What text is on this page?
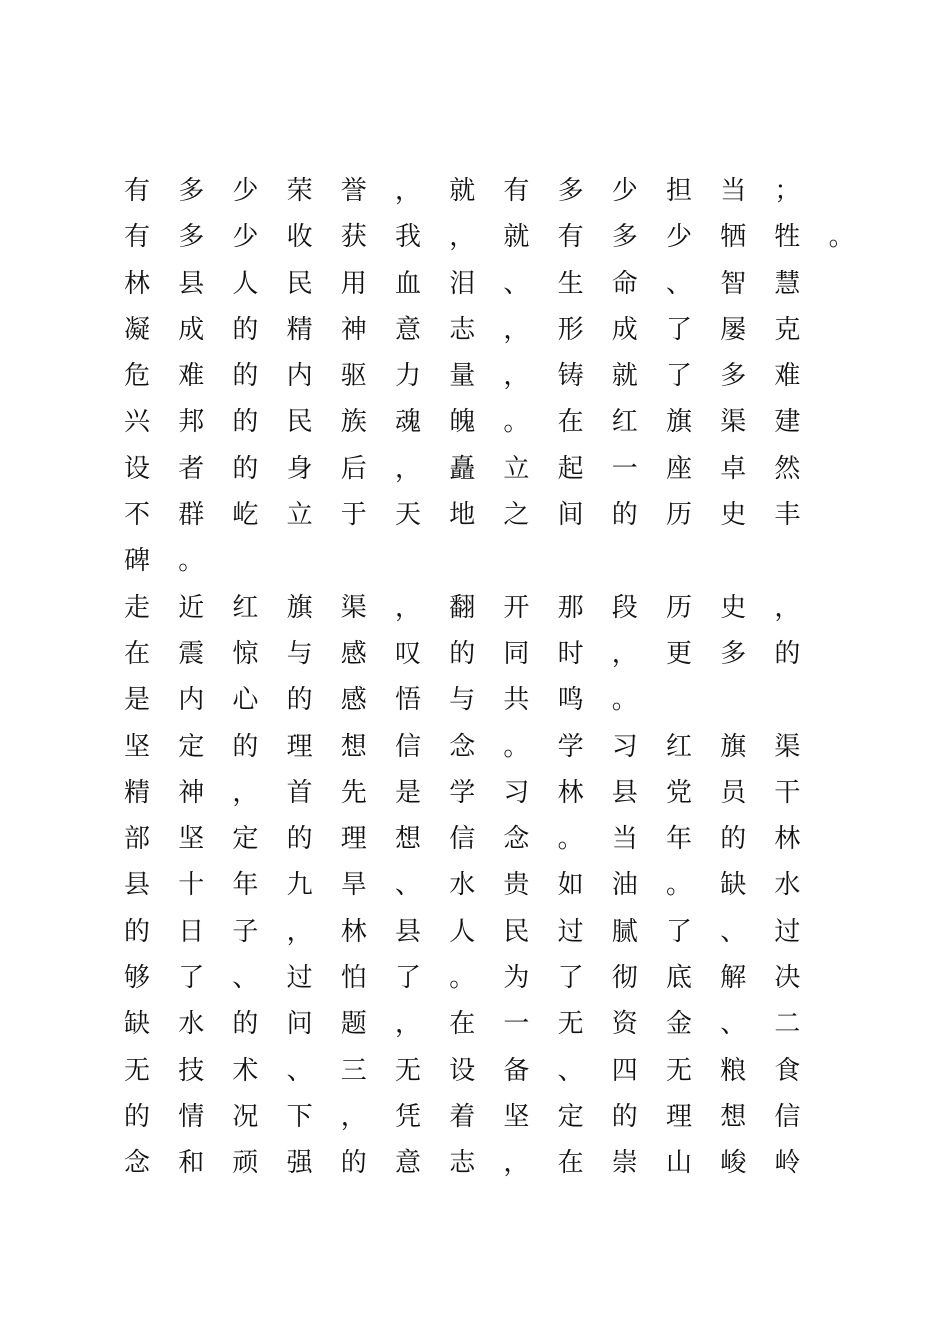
有多少荣誉，就有多少担当；
有多少收获我，就有多少牺牲。
林县人民用血泪、生命、智慧
凝成的精神意志，形成了屡克
危难的内驱力量，铸就了多难
兴邦的民族魂魄。在红旗渠建
设者的身后，矗立起一座卓然
不群屹立于天地之间的历史丰
碑。
走近红旗渠，翻开那段历史，
在震惊与感叹的同时，更多的
是内心的感悟与共鸣。
坚定的理想信念。学习红旗渠
精神，首先是学习林县党员干
部坚定的理想信念。当年的林
县十年九旱、水贵如油。缺水
的日子，林县人民过腻了、过
够了、过怕了。为了彻底解决
缺水的问题，在一无资金、二
无技术、三无设备、四无粮食
的情况下，凭着坚定的理想信
念和顽强的意志，在崇山峻岭
